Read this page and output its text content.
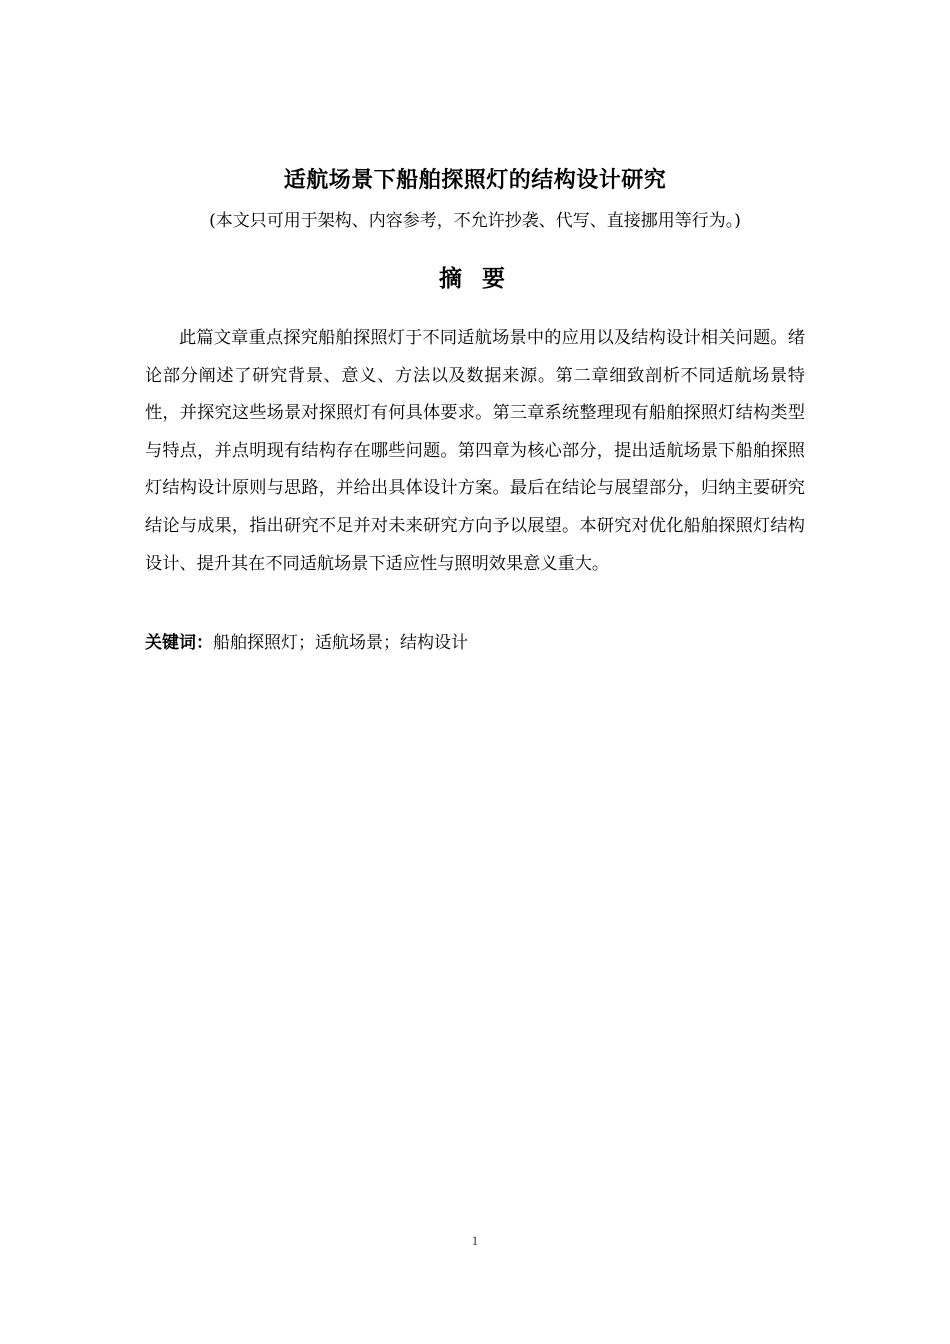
适航场景下船舶探照灯的结构设计研究
(本文只可用于架构、内容参考，不允许抄袭、代写、直接挪用等行为。)
摘 要

此篇文章重点探究船舶探照灯于不同适航场景中的应用以及结构设计相关问题。绪论部分阐述了研究背景、意义、方法以及数据来源。第二章细致剖析不同适航场景特性，并探究这些场景对探照灯有何具体要求。第三章系统整理现有船舶探照灯结构类型与特点，并点明现有结构存在哪些问题。第四章为核心部分，提出适航场景下船舶探照灯结构设计原则与思路，并给出具体设计方案。最后在结论与展望部分，归纳主要研究结论与成果，指出研究不足并对未来研究方向予以展望。本研究对优化船舶探照灯结构设计、提升其在不同适航场景下适应性与照明效果意义重大。

关键词：船舶探照灯；适航场景；结构设计

1
